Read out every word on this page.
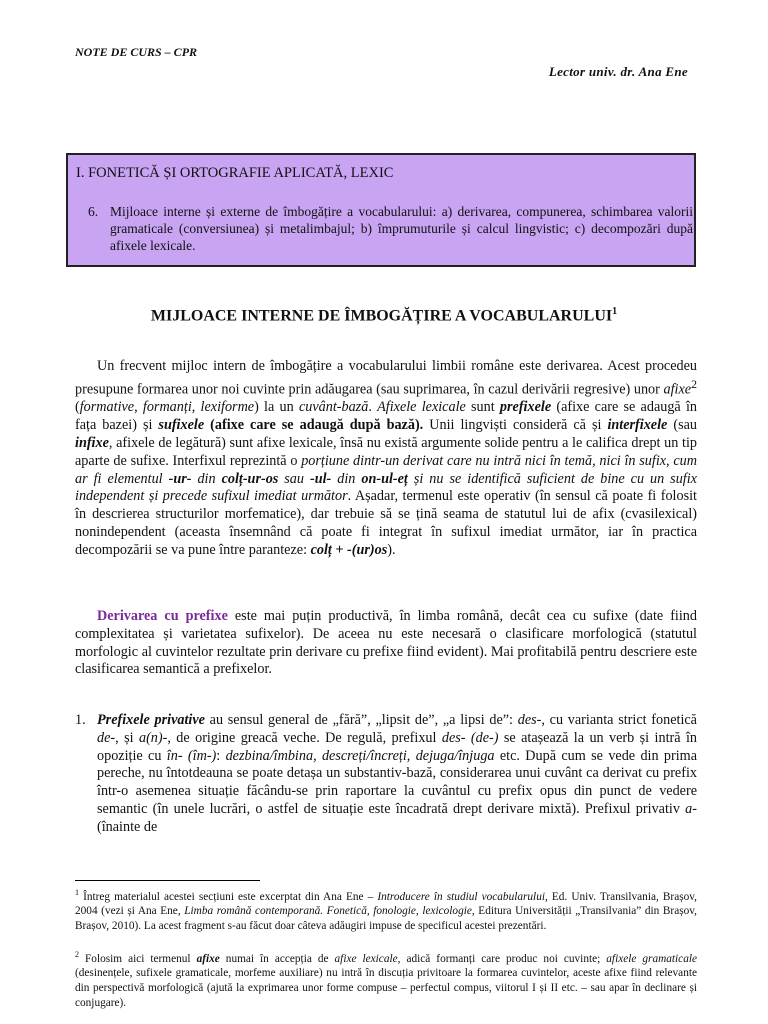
NOTE DE CURS – CPR
Lector univ. dr. Ana Ene
I. FONETICĂ ȘI ORTOGRAFIE APLICATĂ, LEXIC
6. Mijloace interne și externe de îmbogățire a vocabularului: a) derivarea, compunerea, schimbarea valorii gramaticale (conversiunea) și metalimbajul; b) împrumuturile și calcul lingvistic; c) decompozări după afixele lexicale.
MIJLOACE INTERNE DE ÎMBOGĂȚIRE A VOCABULARULUI$^1$

Un frecvent mijloc intern de îmbogățire a vocabularului limbii române este derivarea. Acest procedeu presupune formarea unor noi cuvinte prin adăugarea (sau suprimarea, în cazul derivării regresive) unor afixe$^2$ (formative, formanți, lexiforme) la un cuvânt-bază. Afixele lexicale sunt prefixele (afixe care se adaugă în fața bazei) și sufixele (afixe care se adaugă după bază). Unii lingviști consideră că și interfixele (sau infixe, afixele de legătură) sunt afixe lexicale, însă nu există argumente solide pentru a le califica drept un tip aparte de sufixe. Interfixul reprezintă o porțiune dintr-un derivat care nu intră nici în temă, nici în sufix, cum ar fi elementul -ur- din colț-ur-os sau -ul- din on-ul-eț și nu se identifică suficient de bine cu un sufix independent și precede sufixul imediat următor. Așadar, termenul este operativ (în sensul că poate fi folosit în descrierea structurilor morfematice), dar trebuie să se țină seama de statutul lui de afix (cvasilexical) nonindependent (aceasta însemnând că poate fi integrat în sufixul imediat următor, iar în practica decompozării se va pune între paranteze: colț + -(ur)os).

Derivarea cu prefixe este mai puțin productivă, în limba română, decât cea cu sufixe (date fiind complexitatea și varietatea sufixelor). De aceea nu este necesară o clasificare morfologică (statutul morfologic al cuvintelor rezultate prin derivare cu prefixe fiind evident). Mai profitabilă pentru descriere este clasificarea semantică a prefixelor.

1. Prefixele privative au sensul general de „fără”, „lipsit de”, „a lipsi de”: des-, cu varianta strict fonetică de-, și a(n)-, de origine greacă veche. De regulă, prefixul des- (de-) se atașează la un verb și intră în opoziție cu în- (îm-): dezbina/îmbina, descreți/încreți, dejuga/înjuga etc. După cum se vede din prima pereche, nu întotdeauna se poate detașa un substantiv-bază, considerarea unui cuvânt ca derivat cu prefix într-o asemenea situație făcându-se prin raportare la cuvântul cu prefix opus din punct de vedere semantic (în unele lucrări, o astfel de situație este încadrată drept derivare mixtă). Prefixul privativ a- (înainte de

$^1$ Întreg materialul acestei secțiuni este excerptat din Ana Ene – Introducere în studiul vocabularului, Ed. Univ. Transilvania, Brașov, 2004 (vezi și Ana Ene, Limba română contemporană. Fonetică, fonologie, lexicologie, Editura Universității „Transilvania” din Brașov, Brașov, 2010). La acest fragment s-au făcut doar câteva adăugiri impuse de specificul acestei prezentări.

$^2$ Folosim aici termenul afixe numai în accepția de afixe lexicale, adică formanți care produc noi cuvinte; afixele gramaticale (desinențele, sufixele gramaticale, morfeme auxiliare) nu intră în discuția privitoare la formarea cuvintelor, aceste afixe fiind relevante din perspectivă morfologică (ajută la exprimarea unor forme compuse – perfectul compus, viitorul I și II etc. – sau apar în declinare și conjugare).
